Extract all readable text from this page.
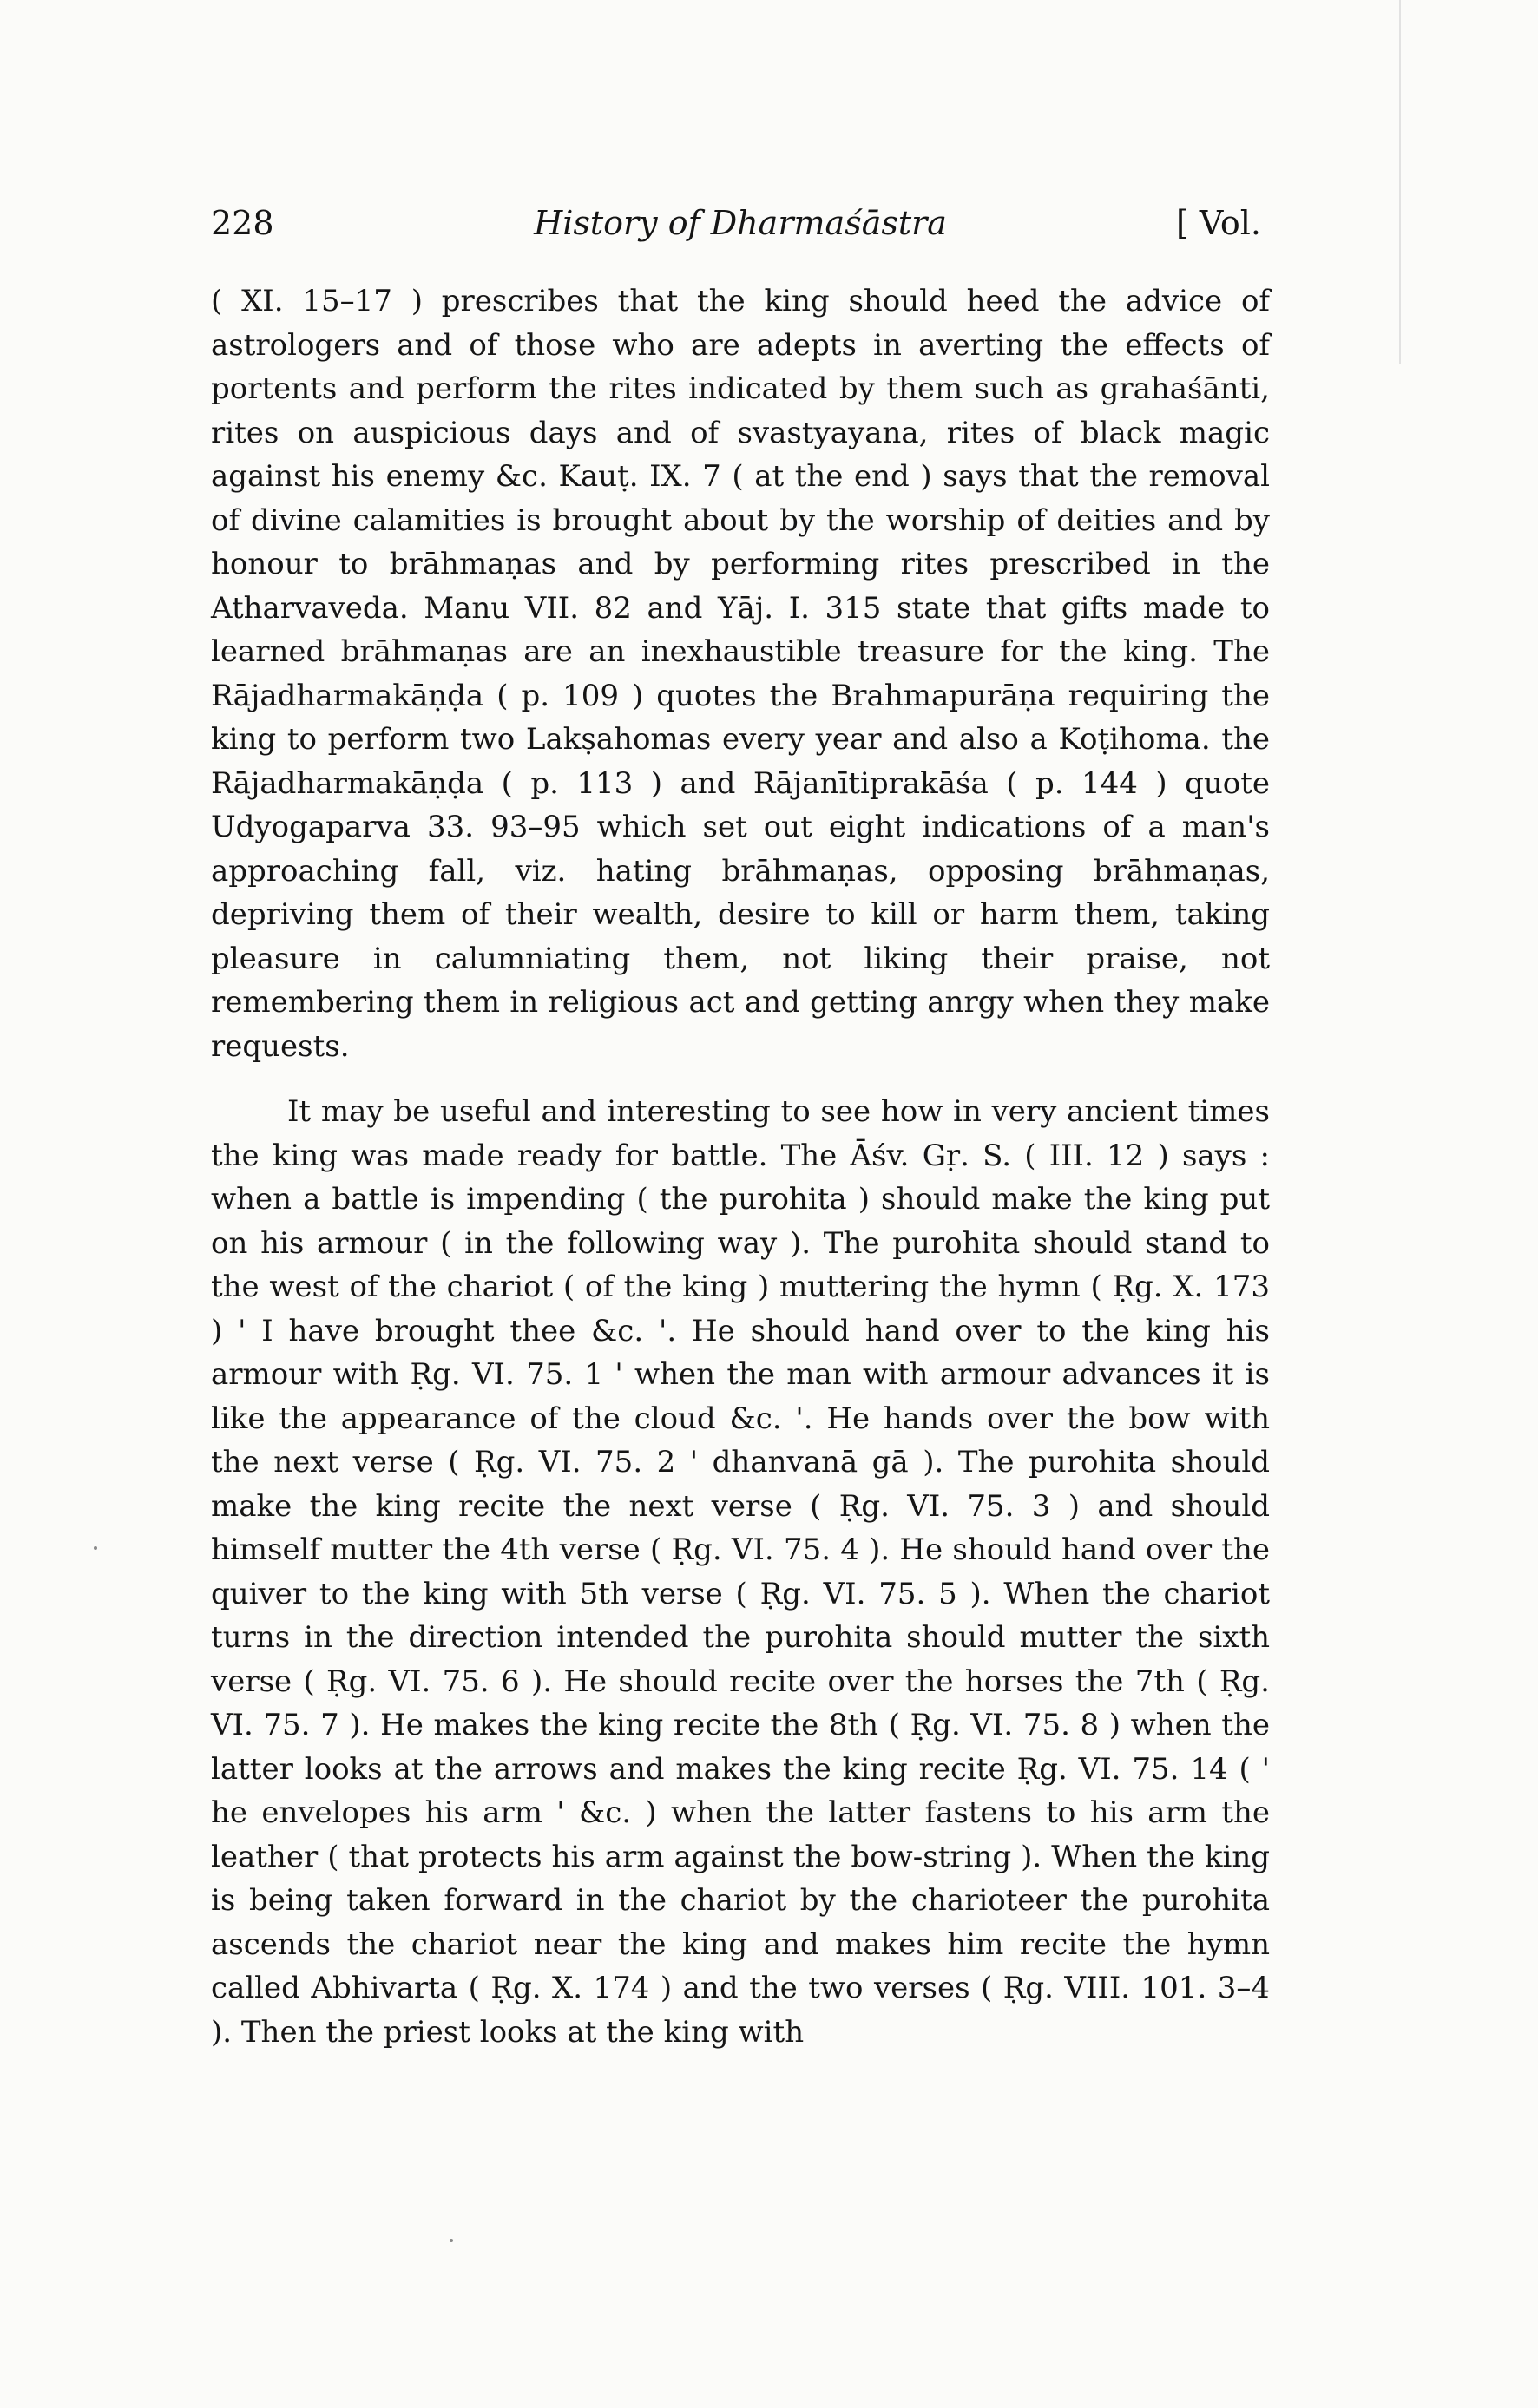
228	History of Dharmaśāstra	[ Vol.

( XI. 15–17 ) prescribes that the king should heed the advice of astrologers and of those who are adepts in averting the effects of portents and perform the rites indicated by them such as grahaśānti, rites on auspicious days and of svastyayana, rites of black magic against his enemy &c. Kauṭ. IX. 7 ( at the end ) says that the removal of divine calamities is brought about by the worship of deities and by honour to brāhmaṇas and by performing rites prescribed in the Atharvaveda. Manu VII. 82 and Yāj. I. 315 state that gifts made to learned brāhmaṇas are an inexhaustible treasure for the king. The Rājadharmakāṇḍa ( p. 109 ) quotes the Brahmapurāṇa requiring the king to perform two Lakṣahomas every year and also a Koṭihoma. the Rājadharmakāṇḍa ( p. 113 ) and Rājanītiprakāśa ( p. 144 ) quote Udyogaparva 33. 93–95 which set out eight indications of a man's approaching fall, viz. hating brāhmaṇas, opposing brāhmaṇas, depriving them of their wealth, desire to kill or harm them, taking pleasure in calumniating them, not liking their praise, not remembering them in religious act and getting anrgy when they make requests.

It may be useful and interesting to see how in very ancient times the king was made ready for battle. The Āśv. Gṛ. S. ( III. 12 ) says : when a battle is impending ( the purohita ) should make the king put on his armour ( in the following way ). The purohita should stand to the west of the chariot ( of the king ) muttering the hymn ( Ṛg. X. 173 ) ' I have brought thee &c. '. He should hand over to the king his armour with Ṛg. VI. 75. 1 ' when the man with armour advances it is like the appearance of the cloud &c. '. He hands over the bow with the next verse ( Ṛg. VI. 75. 2 ' dhanvanā gā ). The purohita should make the king recite the next verse ( Ṛg. VI. 75. 3 ) and should himself mutter the 4th verse ( Ṛg. VI. 75. 4 ). He should hand over the quiver to the king with 5th verse ( Ṛg. VI. 75. 5 ). When the chariot turns in the direction intended the purohita should mutter the sixth verse ( Ṛg. VI. 75. 6 ). He should recite over the horses the 7th ( Ṛg. VI. 75. 7 ). He makes the king recite the 8th ( Ṛg. VI. 75. 8 ) when the latter looks at the arrows and makes the king recite Ṛg. VI. 75. 14 ( ' he envelopes his arm ' &c. ) when the latter fastens to his arm the leather ( that protects his arm against the bow-string ). When the king is being taken forward in the chariot by the charioteer the purohita ascends the chariot near the king and makes him recite the hymn called Abhivarta ( Ṛg. X. 174 ) and the two verses ( Ṛg. VIII. 101. 3–4 ). Then the priest looks at the king with
